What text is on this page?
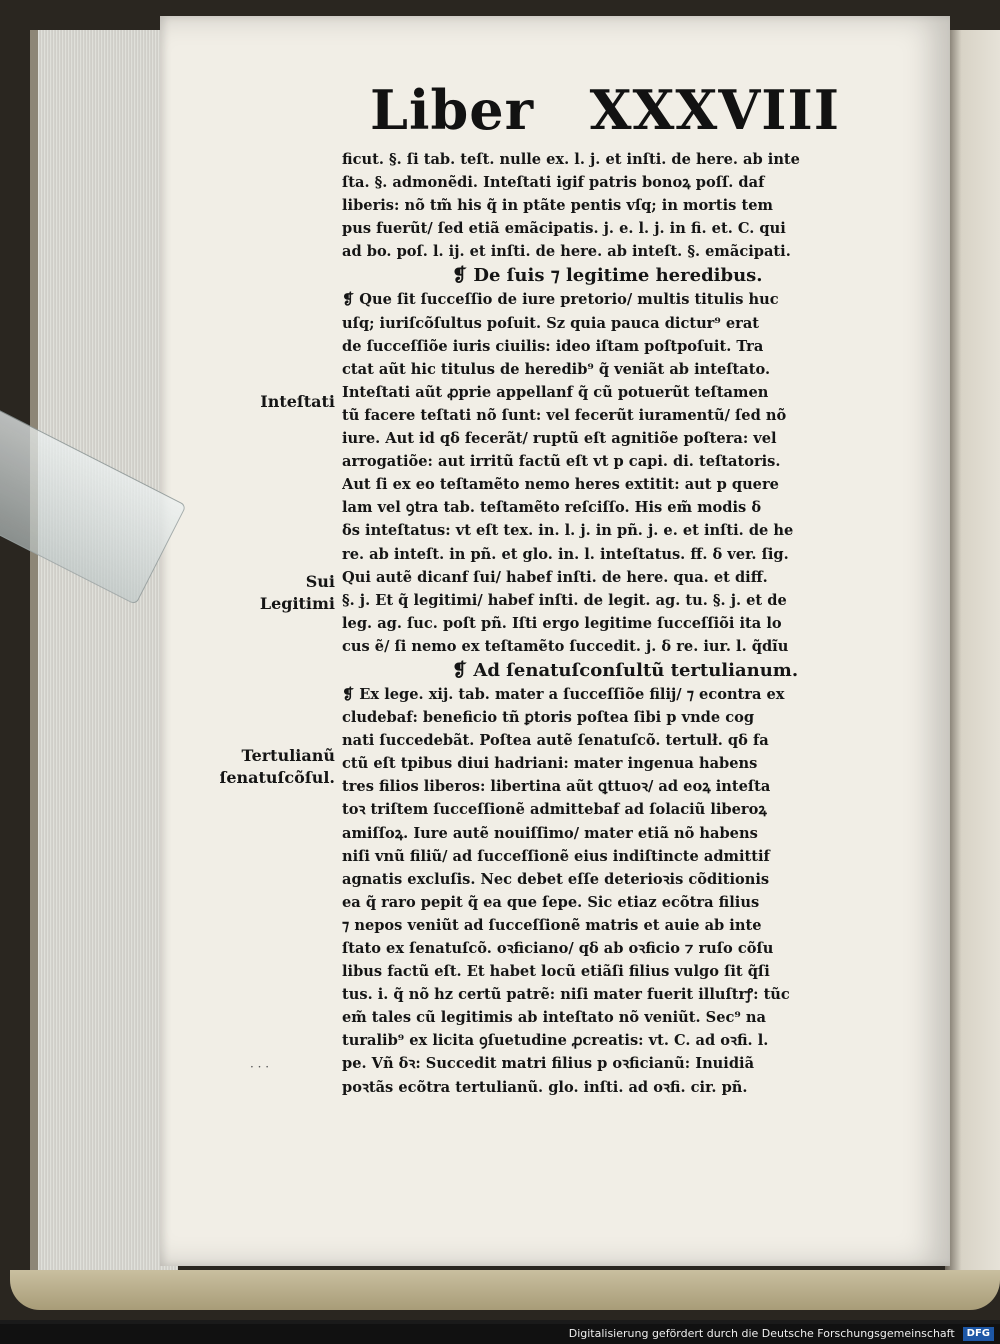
Liber XXXVIII
ficut. §. ſi tab. teſt. nulle ex. l. j. et inſti. de here. ab inte
ſta. §. admonẽdi. Inteſtati igif patris bonoꝝ poſſ. daf
liberis: nõ tm̃ his q̃ in ptãte pentis vſq; in mortis tem
pus fuerũt/ ſed etiã emãcipatis. j. e. l. j. in fi. et. C. qui
ad bo. poſ. l. ij. et inſti. de here. ab inteſt. §. emãcipati.
❡ De ſuis ⁊ legitime heredibus.
❡ Que ſit ſucceſſio de iure pretorio/ multis titulis huc
uſq; iuriſcõſultus poſuit. Sz quia pauca dictur⁹ erat
de ſucceſſiõe iuris ciuilis: ideo iſtam poſtpoſuit. Tra
ctat aũt hic titulus de heredib⁹ q̃ veniãt ab inteſtato.
Inteſtati aũt ꝓprie appellanf q̃ cũ potuerũt teſtamen
tũ facere teſtati nõ ſunt: vel fecerũt iuramentũ/ ſed nõ
iure. Aut id qδ fecerãt/ ruptũ eſt agnitiõe poſtera: vel
arrogatiõe: aut irritũ factũ eſt vt p capi. di. teſtatoris.
Aut ſi ex eo teſtamẽto nemo heres extitit: aut p quere
lam vel ꝯtra tab. teſtamẽto reſciſſo. His em̃ modis δ
δs inteſtatus: vt eſt tex. in. l. j. in pñ. j. e. et inſti. de he
re. ab inteſt. in pñ. et glo. in. l. inteſtatus. ff. δ ver. ſig.
Qui autẽ dicanf ſui/ habef inſti. de here. qua. et diff.
§. j. Et q̃ legitimi/ habef inſti. de legit. ag. tu. §. j. et de
leg. ag. ſuc. poſt pñ. Iſti ergo legitime ſucceſſiõi ita lo
cus ẽ/ ſi nemo ex teſtamẽto ſuccedit. j. δ re. iur. l. q̃dĩu
❡ Ad ſenatuſconſultũ tertulianum.
❡ Ex lege. xij. tab. mater a ſucceſſiõe filij/ ⁊ econtra ex
cludebaf: beneficio tñ ꝑtoris poſtea ſibi p vnde cog
nati ſuccedebãt. Poſtea autẽ ſenatuſcõ. tertulł. qδ fa
ctũ eſt tpibus diui hadriani: mater ingenua habens
tres filios liberos: libertina aũt ꝗttuoꝛ/ ad eoꝝ inteſta
toꝛ triſtem ſucceſſionẽ admittebaf ad ſolaciũ liberoꝝ
amiſſoꝝ. Iure autẽ nouiſſimo/ mater etiã nõ habens
niſi vnũ filiũ/ ad ſucceſſionẽ eius indiſtincte admittif
agnatis excluſis. Nec debet eſſe deterioꝛis cõditionis
ea q̃ raro pepit q̃ ea que ſepe. Sic etiaz ecõtra filius
⁊ nepos veniũt ad ſucceſſionẽ matris et auie ab inte
ſtato ex ſenatuſcõ. oꝛficiano/ qδ ab oꝛficio ⁊ ruſo cõſu
libus factũ eſt. Et habet locũ etiãſi filius vulgo ſit q̃ſi
tus. i. q̃ nõ hz certũ patrẽ: niſi mater fuerit illuſtrꝭ: tũc
em̃ tales cũ legitimis ab inteſtato nõ veniũt. Sec⁹ na
turalib⁹ ex licita ꝯſuetudine ꝓcreatis: vt. C. ad oꝛfi. l.
pe. Vñ δꝛ: Succedit matri filius p oꝛficianũ: Inuidiã
poꝛtãs ecõtra tertulianũ. glo. inſti. ad oꝛfi. cir. pñ.
Inteſtati
Sui
Legitimi
Tertulianũ
ſenatuſcõſul.
· · ·
Digitalisierung gefördert durch die Deutsche Forschungsgemeinschaft DFG
